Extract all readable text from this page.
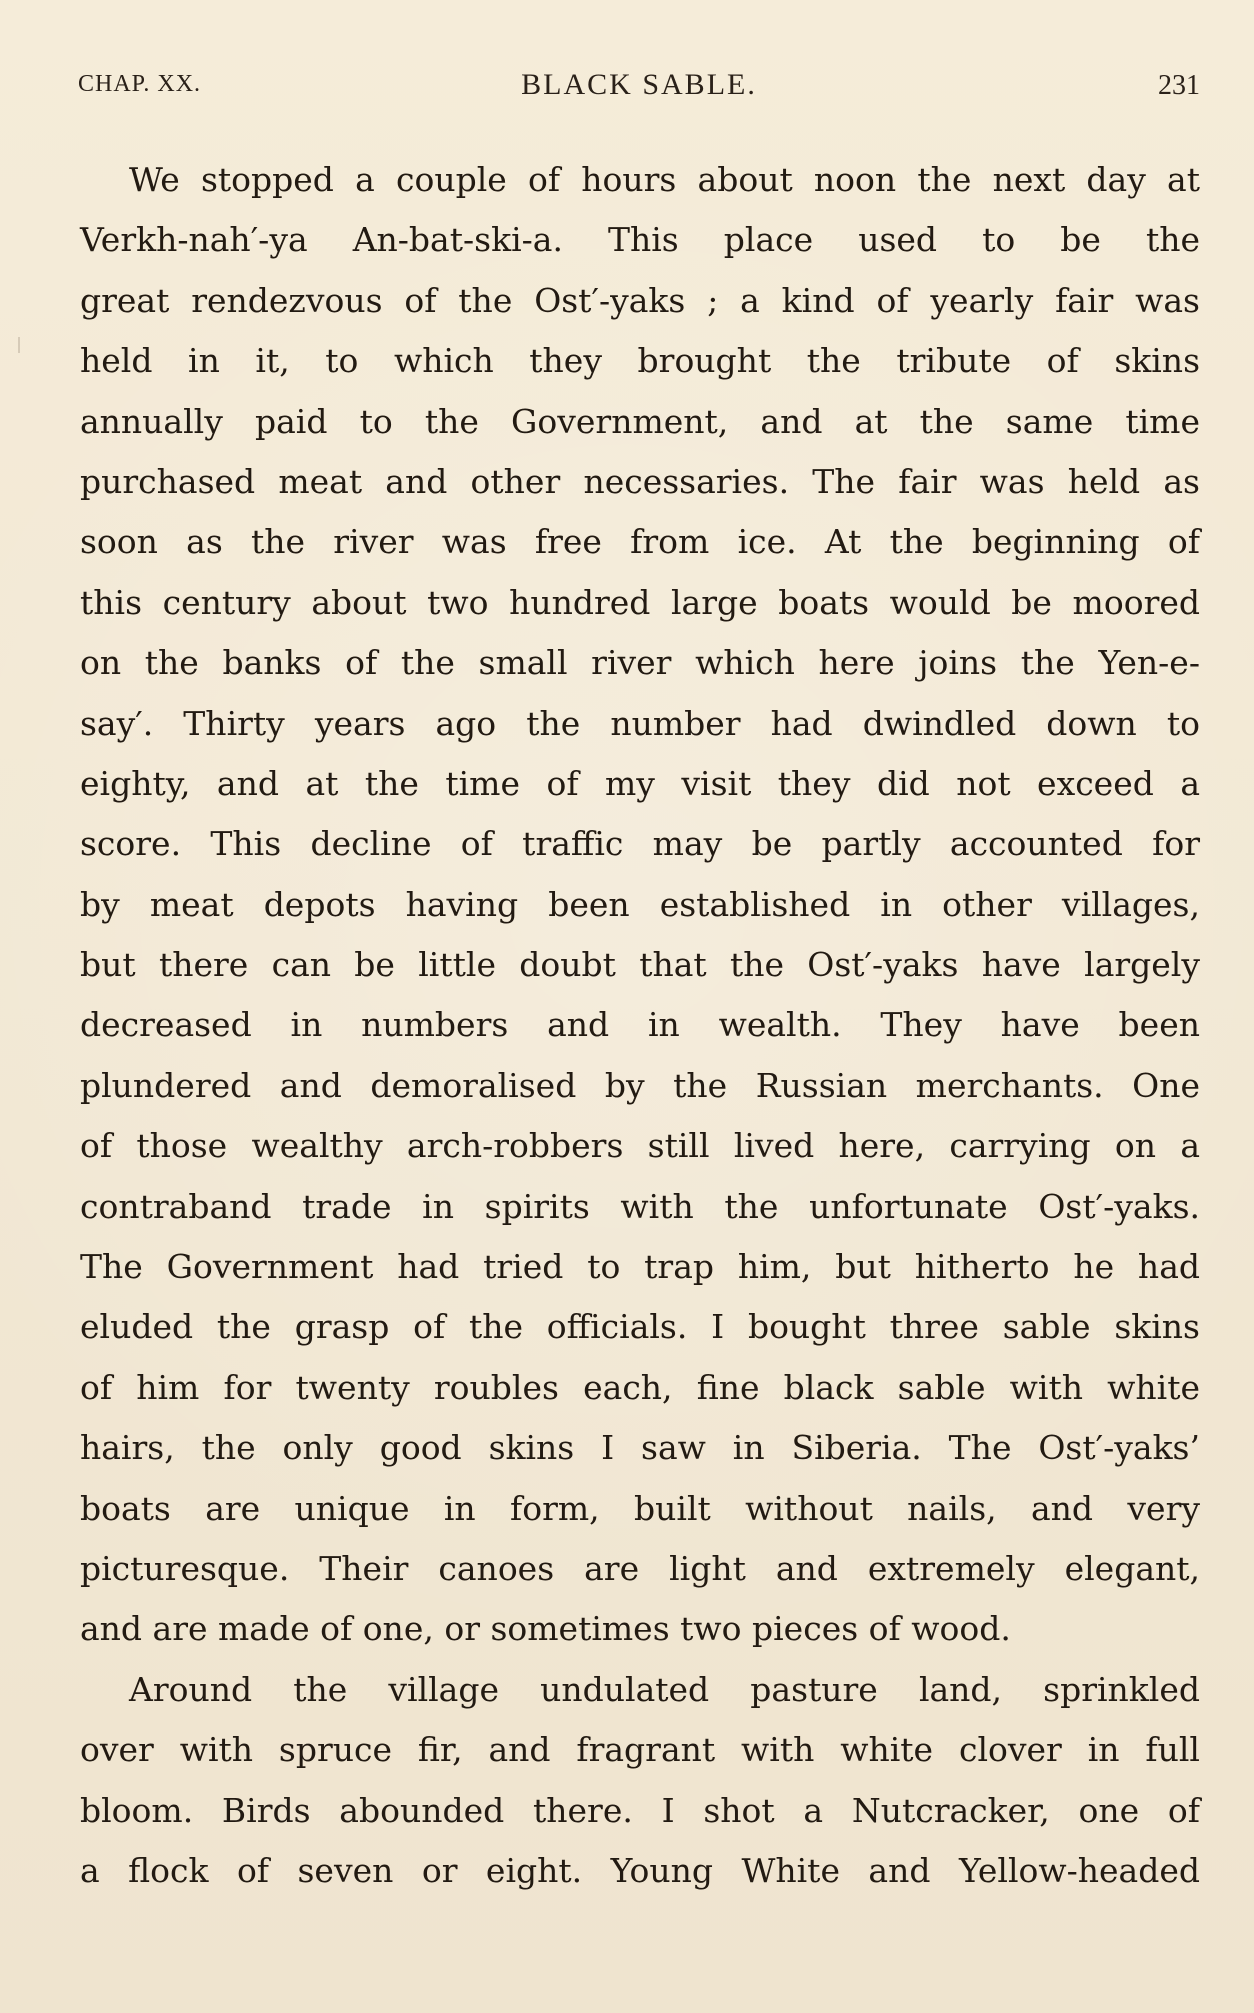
CHAP. XX.	BLACK SABLE.	231
We stopped a couple of hours about noon the next day at
Verkh-nah′-ya An-bat-ski-a. This place used to be the
great rendezvous of the Ost′-yaks ; a kind of yearly fair was
held in it, to which they brought the tribute of skins
annually paid to the Government, and at the same time
purchased meat and other necessaries. The fair was held as
soon as the river was free from ice. At the beginning of
this century about two hundred large boats would be moored
on the banks of the small river which here joins the Yen-e-
say′. Thirty years ago the number had dwindled down to
eighty, and at the time of my visit they did not exceed a
score. This decline of traffic may be partly accounted for
by meat depots having been established in other villages,
but there can be little doubt that the Ost′-yaks have largely
decreased in numbers and in wealth. They have been
plundered and demoralised by the Russian merchants. One
of those wealthy arch-robbers still lived here, carrying on a
contraband trade in spirits with the unfortunate Ost′-yaks.
The Government had tried to trap him, but hitherto he had
eluded the grasp of the officials. I bought three sable skins
of him for twenty roubles each, fine black sable with white
hairs, the only good skins I saw in Siberia. The Ost′-yaks’
boats are unique in form, built without nails, and very
picturesque. Their canoes are light and extremely elegant,
and are made of one, or sometimes two pieces of wood.
Around the village undulated pasture land, sprinkled
over with spruce fir, and fragrant with white clover in full
bloom. Birds abounded there. I shot a Nutcracker, one of
a flock of seven or eight. Young White and Yellow-headed
